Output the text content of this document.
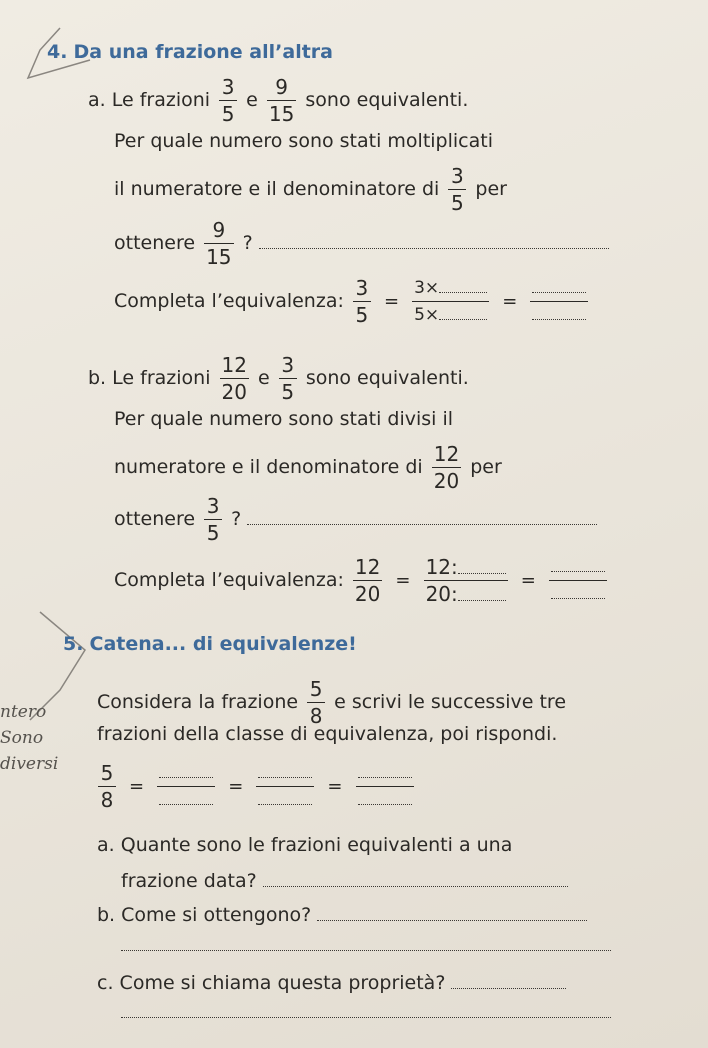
4. Da una frazione all’altra
a. Le frazioni $\frac{3}{5}$ e $\frac{9}{15}$ sono equivalenti.
Per quale numero sono stati moltiplicati
il numeratore e il denominatore di $\frac{3}{5}$ per
ottenere $\frac{9}{15}$ ?
Completa l’equivalenza: $\frac{3}{5} = \frac{3\times}{5\times}$ =
b. Le frazioni $\frac{12}{20}$ e $\frac{3}{5}$ sono equivalenti.
Per quale numero sono stati divisi il
numeratore e il denominatore di $\frac{12}{20}$ per
ottenere $\frac{3}{5}$ ?
Completa l’equivalenza: $\frac{12}{20} = \frac{12:}{20:}$ =
5. Catena... di equivalenze!
Considera la frazione $\frac{5}{8}$ e scrivi le successive tre
frazioni della classe di equivalenza, poi rispondi.
ntero
Sono
diversi $\frac{5}{8}$ =	=	=
a. Quante sono le frazioni equivalenti a una
frazione data?
b. Come si ottengono?
c. Come si chiama questa proprietà?
